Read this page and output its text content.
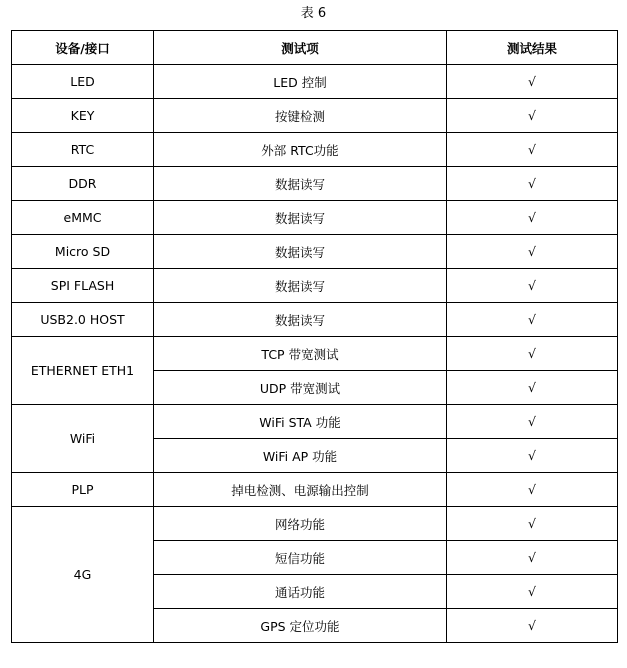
表 6
设备/接口	测试项	测试结果
LED	LED 控制	√
KEY	按键检测	√
RTC	外部 RTC功能	√
DDR	数据读写	√
eMMC	数据读写	√
Micro SD	数据读写	√
SPI FLASH	数据读写	√
USB2.0 HOST	数据读写	√
ETHERNET ETH1	TCP 带宽测试	√
	UDP 带宽测试	√
WiFi	WiFi STA 功能	√
	WiFi AP 功能	√
PLP	掉电检测、电源输出控制	√
4G	网络功能	√
	短信功能	√
	通话功能	√
	GPS 定位功能	√
